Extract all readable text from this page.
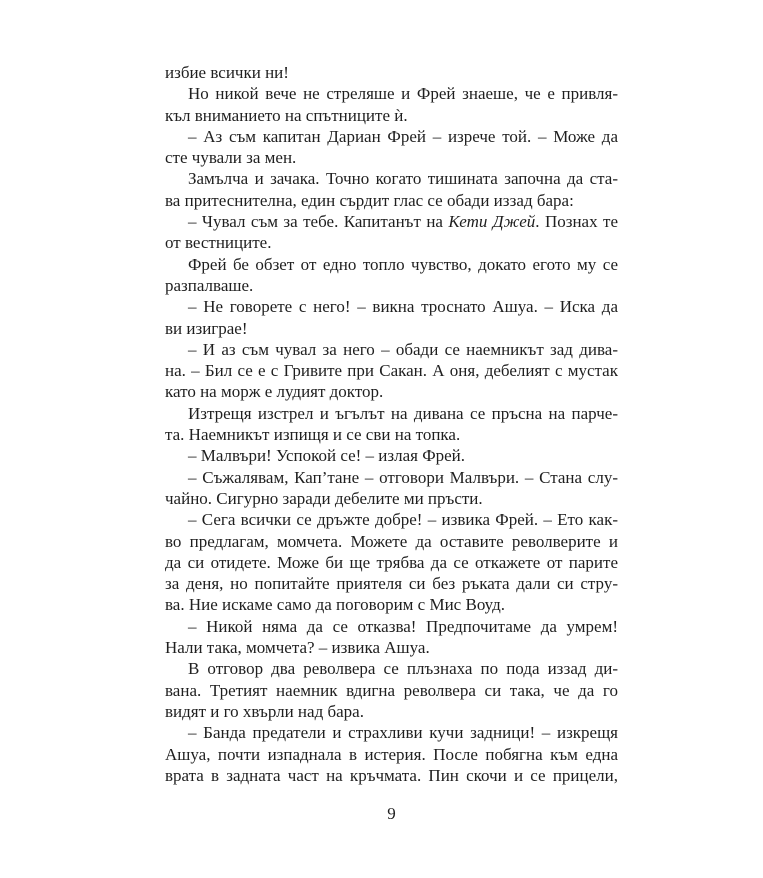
избие всички ни!
Но никой вече не стреляше и Фрей знаеше, че е привля-
къл вниманието на спътниците ѝ.
– Аз съм капитан Дариан Фрей – изрече той. – Може да
сте чували за мен.
Замълча и зачака. Точно когато тишината започна да ста-
ва притеснителна, един сърдит глас се обади иззад бара:
– Чувал съм за тебе. Капитанът на Кети Джей. Познах те
от вестниците.
Фрей бе обзет от едно топло чувство, докато егото му се
разпалваше.
– Не говорете с него! – викна троснато Ашуа. – Иска да
ви изиграе!
– И аз съм чувал за него – обади се наемникът зад дива-
на. – Бил се е с Гривите при Сакан. А оня, дебелият с мустак
като на морж е лудият доктор.
Изтрещя изстрел и ъгълът на дивана се пръсна на парче-
та. Наемникът изпищя и се сви на топка.
– Малвъри! Успокой се! – излая Фрей.
– Съжалявам, Кап’тане – отговори Малвъри. – Стана слу-
чайно. Сигурно заради дебелите ми пръсти.
– Сега всички се дръжте добре! – извика Фрей. – Ето как-
во предлагам, момчета. Можете да оставите револверите и
да си отидете. Може би ще трябва да се откажете от парите
за деня, но попитайте приятеля си без ръката дали си стру-
ва. Ние искаме само да поговорим с Мис Воуд.
– Никой няма да се отказва! Предпочитаме да умрем!
Нали така, момчета? – извика Ашуа.
В отговор два револвера се плъзнаха по пода иззад ди-
вана. Третият наемник вдигна револвера си така, че да го
видят и го хвърли над бара.
– Банда предатели и страхливи кучи задници! – изкрещя
Ашуа, почти изпаднала в истерия. После побягна към една
врата в задната част на кръчмата. Пин скочи и се прицели,
9
